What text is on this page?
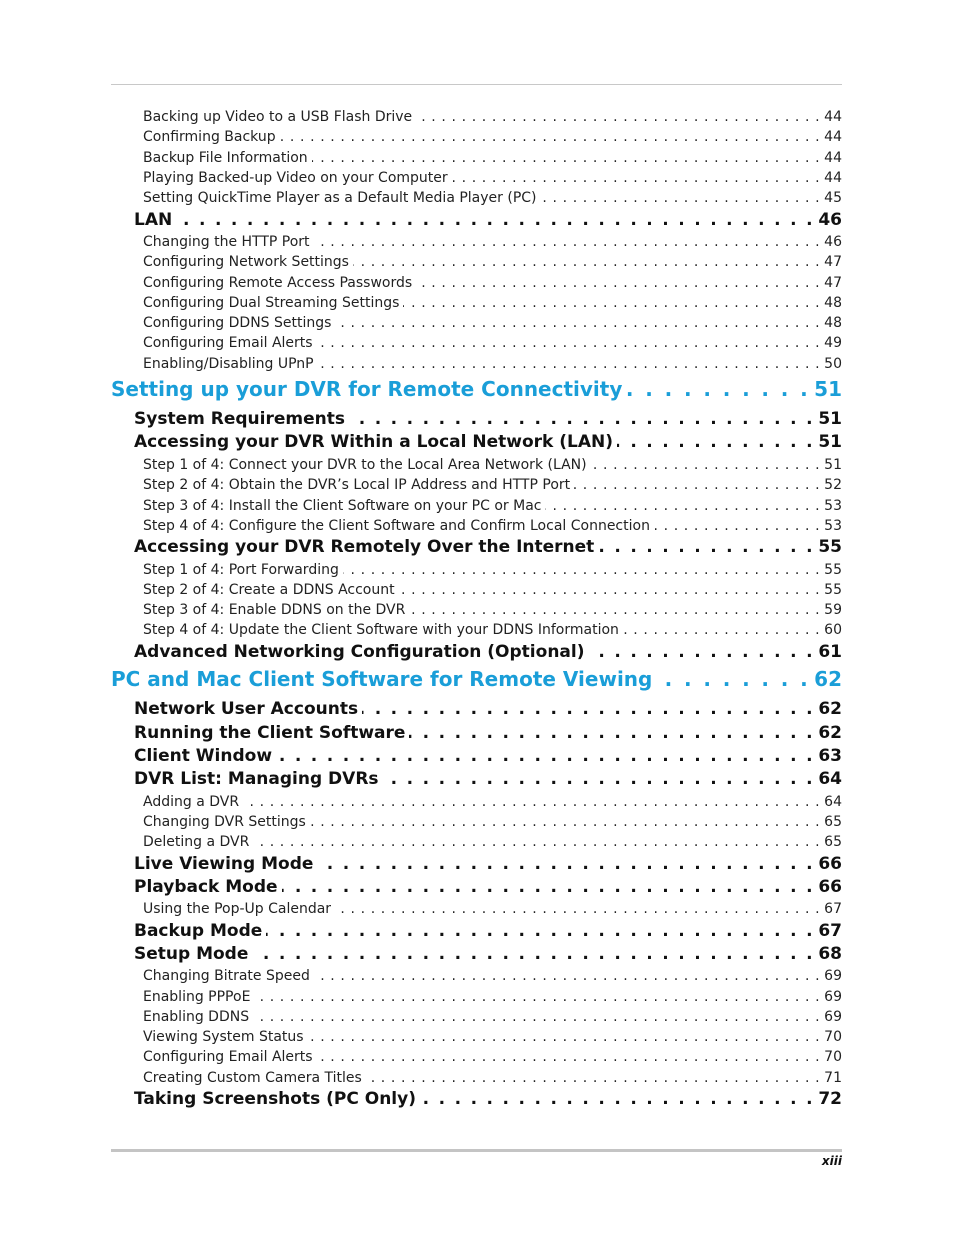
Backing up Video to a USB Flash Drive . . .	44
Confirming Backup . . .	44
Backup File Information . . .	44
Playing Backed-up Video on your Computer . . .	44
Setting QuickTime Player as a Default Media Player (PC) . . .	45
LAN . . .	46
Changing the HTTP Port . . .	46
Configuring Network Settings . . .	47
Configuring Remote Access Passwords . . .	47
Configuring Dual Streaming Settings . . .	48
Configuring DDNS Settings . . .	48
Configuring Email Alerts . . .	49
Enabling/Disabling UPnP . . .	50
Setting up your DVR for Remote Connectivity . . .	51
System Requirements . . .	51
Accessing your DVR Within a Local Network (LAN) . . .	51
Step 1 of 4: Connect your DVR to the Local Area Network (LAN) . . .	51
Step 2 of 4: Obtain the DVR’s Local IP Address and HTTP Port . . .	52
Step 3 of 4: Install the Client Software on your PC or Mac . . .	53
Step 4 of 4: Configure the Client Software and Confirm Local Connection . . .	53
Accessing your DVR Remotely Over the Internet . . .	55
Step 1 of 4: Port Forwarding . . .	55
Step 2 of 4: Create a DDNS Account . . .	55
Step 3 of 4: Enable DDNS on the DVR . . .	59
Step 4 of 4: Update the Client Software with your DDNS Information . . .	60
Advanced Networking Configuration (Optional) . . .	61
PC and Mac Client Software for Remote Viewing . . .	62
Network User Accounts . . .	62
Running the Client Software . . .	62
Client Window . . .	63
DVR List: Managing DVRs . . .	64
Adding a DVR . . .	64
Changing DVR Settings . . .	65
Deleting a DVR . . .	65
Live Viewing Mode . . .	66
Playback Mode . . .	66
Using the Pop-Up Calendar . . .	67
Backup Mode . . .	67
Setup Mode . . .	68
Changing Bitrate Speed . . .	69
Enabling PPPoE . . .	69
Enabling DDNS . . .	69
Viewing System Status . . .	70
Configuring Email Alerts . . .	70
Creating Custom Camera Titles . . .	71
Taking Screenshots (PC Only) . . .	72
xiii
